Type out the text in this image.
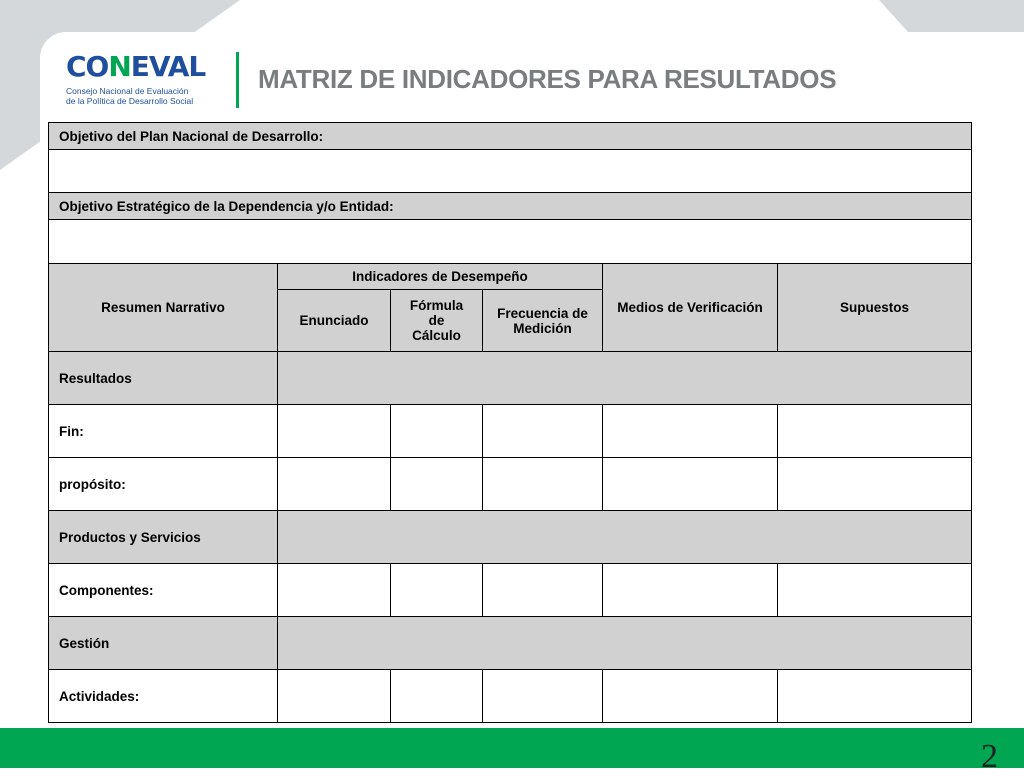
CONEVAL
Consejo Nacional de Evaluación
de la Política de Desarrollo Social
MATRIZ DE INDICADORES PARA RESULTADOS
Objetivo del Plan Nacional de Desarrollo:					

Objetivo Estratégico de la Dependencia y/o Entidad:					

Resumen Narrativo	Indicadores de Desempeño			Medios de Verificación	Supuestos
	Enunciado	Fórmula de Cálculo	Frecuencia de Medición		
Resultados					
Fin:					
propósito:					
Productos y Servicios					
Componentes:					
Gestión					
Actividades:					
2
